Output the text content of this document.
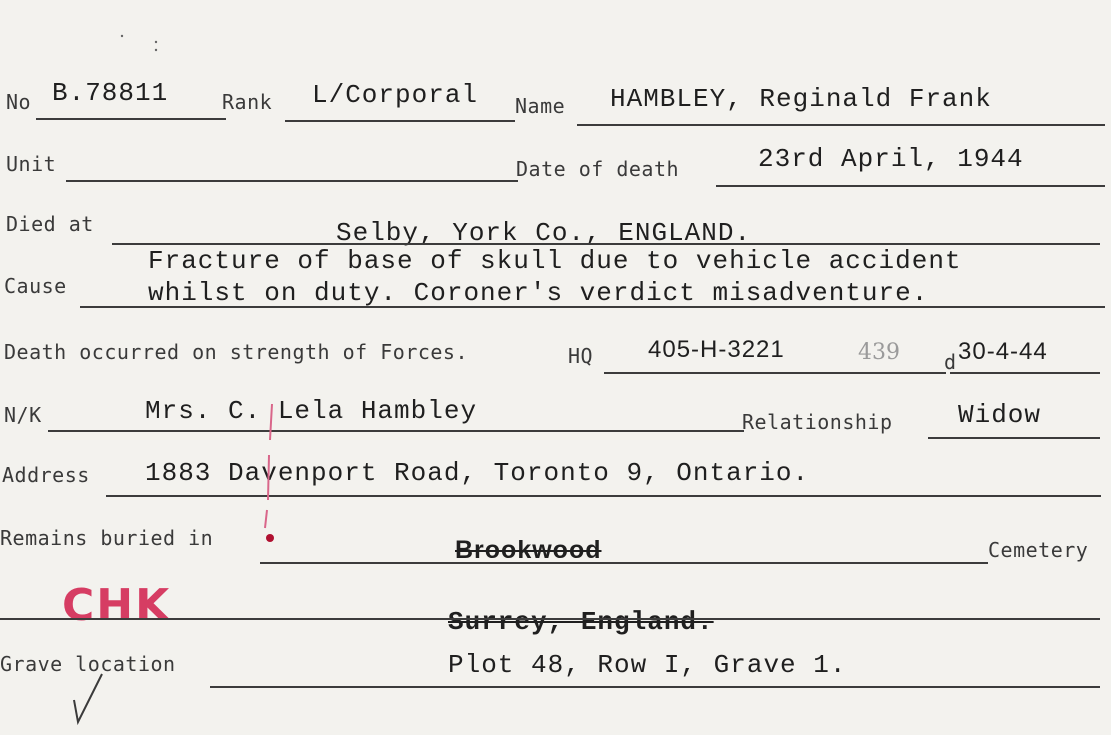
No B.78811	Rank L/Corporal Name HAMBLEY, Reginald Frank
Unit	Date of death	23rd April, 1944
Died at	Selby, York Co., ENGLAND.
Fracture of base of skull due to vehicle accident
Cause	whilst on duty. Coroner's verdict misadventure.
Death occurred on strength of Forces.	HQ 405-H-3221	439 d 30-4-44
N/K	Mrs. C. Lela Hambley	Relationship	Widow
Address 1883 Davenport Road, Toronto 9, Ontario.
Remains buried in	Brookwood	Cemetery
CHK	Surrey, England.
Grave location	Plot 48, Row I, Grave 1.
